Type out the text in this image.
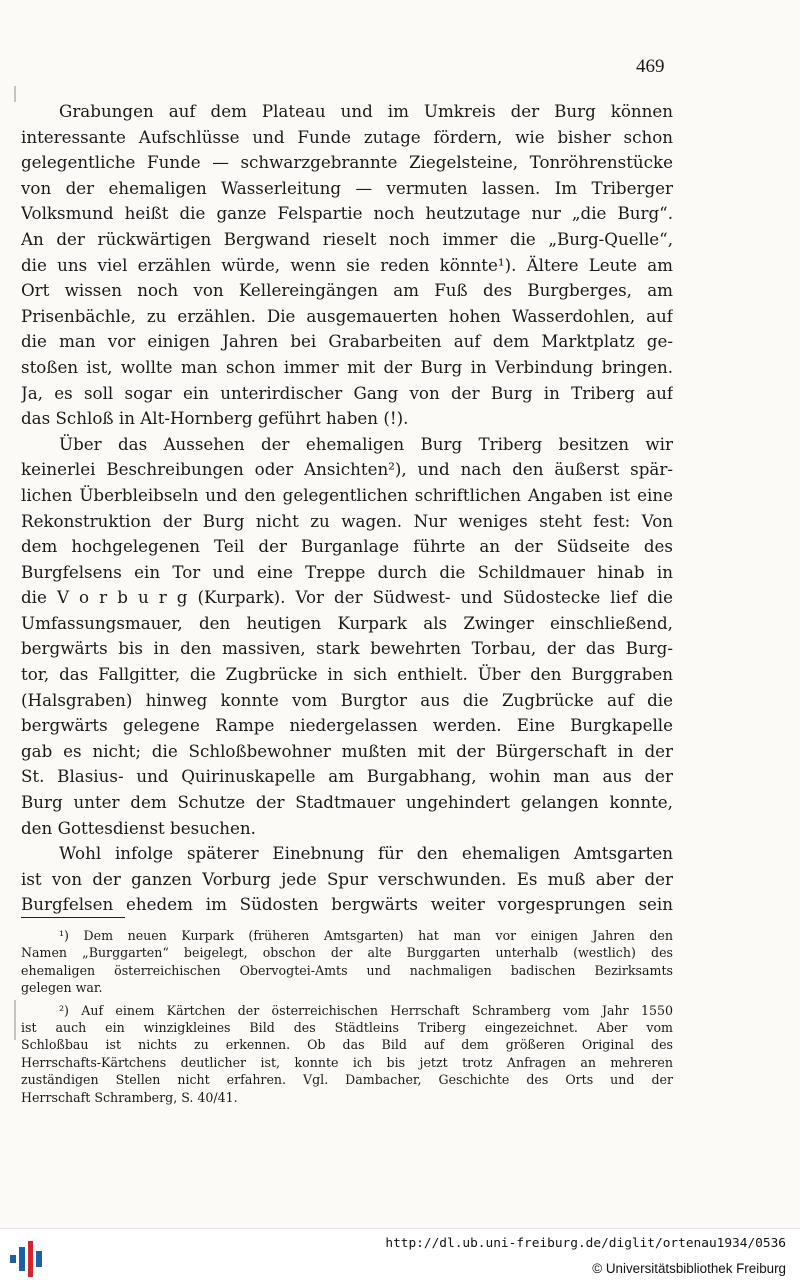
469
Grabungen auf dem Plateau und im Umkreis der Burg können
interessante Aufschlüsse und Funde zutage fördern, wie bisher schon
gelegentliche Funde — schwarzgebrannte Ziegelsteine, Tonröhrenstücke
von der ehemaligen Wasserleitung — vermuten lassen. Im Triberger
Volksmund heißt die ganze Felspartie noch heutzutage nur „die Burg“.
An der rückwärtigen Bergwand rieselt noch immer die „Burg-Quelle“,
die uns viel erzählen würde, wenn sie reden könnte¹). Ältere Leute am
Ort wissen noch von Kellereingängen am Fuß des Burgberges, am
Prisenbächle, zu erzählen. Die ausgemauerten hohen Wasserdohlen, auf
die man vor einigen Jahren bei Grabarbeiten auf dem Marktplatz ge-
stoßen ist, wollte man schon immer mit der Burg in Verbindung bringen.
Ja, es soll sogar ein unterirdischer Gang von der Burg in Triberg auf
das Schloß in Alt-Hornberg geführt haben (!).
Über das Aussehen der ehemaligen Burg Triberg besitzen wir
keinerlei Beschreibungen oder Ansichten²), und nach den äußerst spär-
lichen Überbleibseln und den gelegentlichen schriftlichen Angaben ist eine
Rekonstruktion der Burg nicht zu wagen. Nur weniges steht fest: Von
dem hochgelegenen Teil der Burganlage führte an der Südseite des
Burgfelsens ein Tor und eine Treppe durch die Schildmauer hinab in
die V o r b u r g (Kurpark). Vor der Südwest- und Südostecke lief die
Umfassungsmauer, den heutigen Kurpark als Zwinger einschließend,
bergwärts bis in den massiven, stark bewehrten Torbau, der das Burg-
tor, das Fallgitter, die Zugbrücke in sich enthielt. Über den Burggraben
(Halsgraben) hinweg konnte vom Burgtor aus die Zugbrücke auf die
bergwärts gelegene Rampe niedergelassen werden. Eine Burgkapelle
gab es nicht; die Schloßbewohner mußten mit der Bürgerschaft in der
St. Blasius- und Quirinuskapelle am Burgabhang, wohin man aus der
Burg unter dem Schutze der Stadtmauer ungehindert gelangen konnte,
den Gottesdienst besuchen.
Wohl infolge späterer Einebnung für den ehemaligen Amtsgarten
ist von der ganzen Vorburg jede Spur verschwunden. Es muß aber der
Burgfelsen ehedem im Südosten bergwärts weiter vorgesprungen sein
¹) Dem neuen Kurpark (früheren Amtsgarten) hat man vor einigen Jahren den
Namen „Burggarten“ beigelegt, obschon der alte Burggarten unterhalb (westlich) des
ehemaligen österreichischen Obervogtei-Amts und nachmaligen badischen Bezirksamts
gelegen war.
²) Auf einem Kärtchen der österreichischen Herrschaft Schramberg vom Jahr 1550
ist auch ein winzigkleines Bild des Städtleins Triberg eingezeichnet. Aber vom
Schloßbau ist nichts zu erkennen. Ob das Bild auf dem größeren Original des
Herrschafts-Kärtchens deutlicher ist, konnte ich bis jetzt trotz Anfragen an mehreren
zuständigen Stellen nicht erfahren. Vgl. Dambacher, Geschichte des Orts und der
Herrschaft Schramberg, S. 40/41.
http://dl.ub.uni-freiburg.de/diglit/ortenau1934/0536
© Universitätsbibliothek Freiburg
